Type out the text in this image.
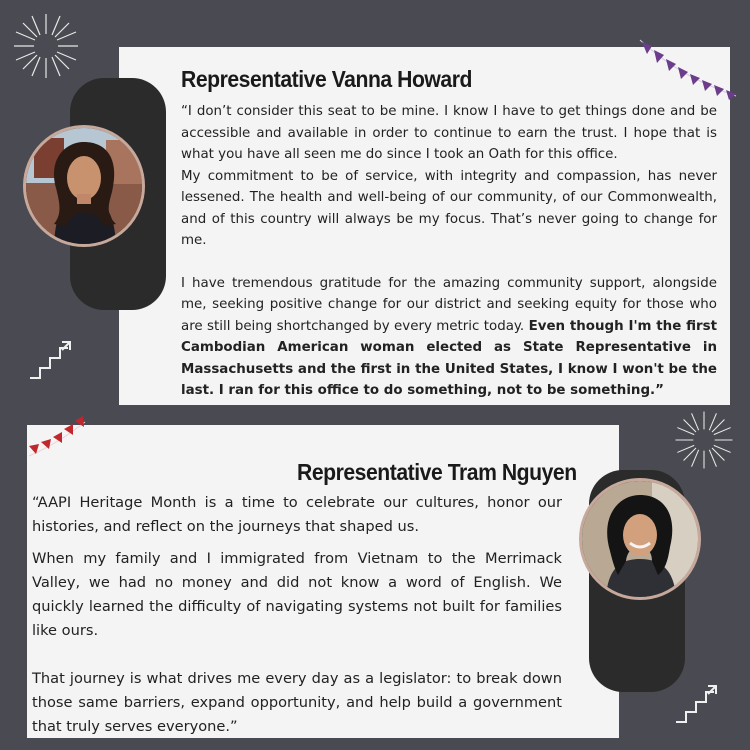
Representative Vanna Howard

“I don’t consider this seat to be mine. I know I have to get things done and be accessible and available in order to continue to earn the trust. I hope that is what you have all seen me do since I took an Oath for this office.

My commitment to be of service, with integrity and compassion, has never lessened. The health and well-being of our community, of our Commonwealth, and of this country will always be my focus. That’s never going to change for me.

I have tremendous gratitude for the amazing community support, alongside me, seeking positive change for our district and seeking equity for those who are still being shortchanged by every metric today. Even though I'm the first Cambodian American woman elected as State Representative in Massachusetts and the first in the United States, I know I won't be the last. I ran for this office to do something, not to be something.”

Representative Tram Nguyen

“AAPI Heritage Month is a time to celebrate our cultures, honor our histories, and reflect on the journeys that shaped us.

When my family and I immigrated from Vietnam to the Merrimack Valley, we had no money and did not know a word of English. We quickly learned the difficulty of navigating systems not built for families like ours.

That journey is what drives me every day as a legislator: to break down those same barriers, expand opportunity, and help build a government that truly serves everyone.”
